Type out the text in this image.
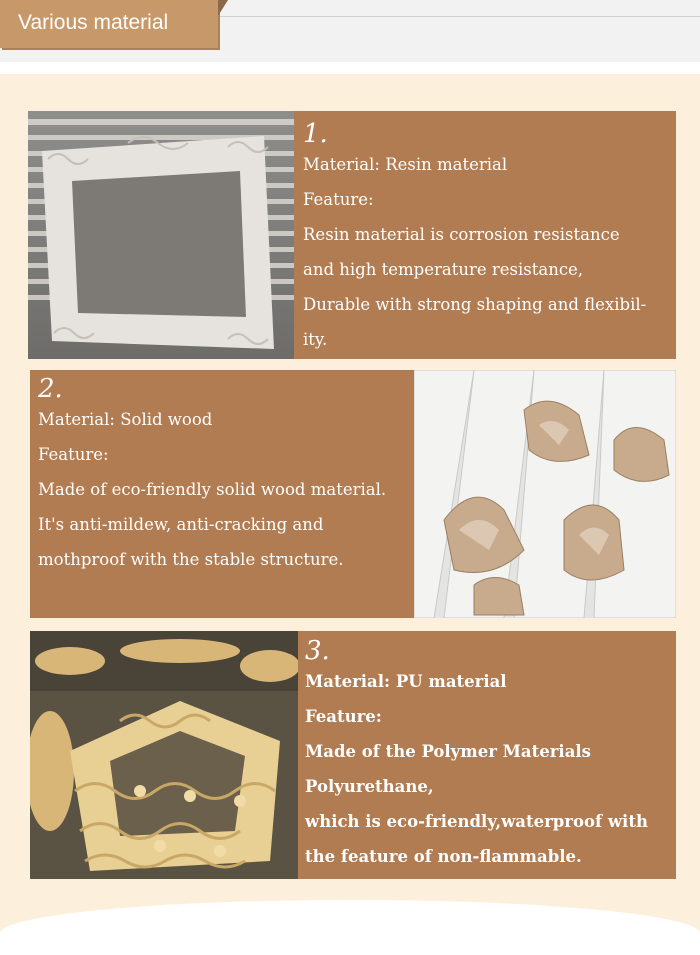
Various material
1.
Material: Resin material
Feature:
Resin material is corrosion resistance
and high temperature resistance,
Durable with strong shaping and flexibil-
ity.
2.
Material: Solid wood
Feature:
Made of eco-friendly solid wood material.
It's anti-mildew, anti-cracking and
mothproof with the stable structure.
3.
Material: PU material
Feature:
Made of the Polymer Materials
Polyurethane,
which is eco-friendly,waterproof with
the feature of non-flammable.
